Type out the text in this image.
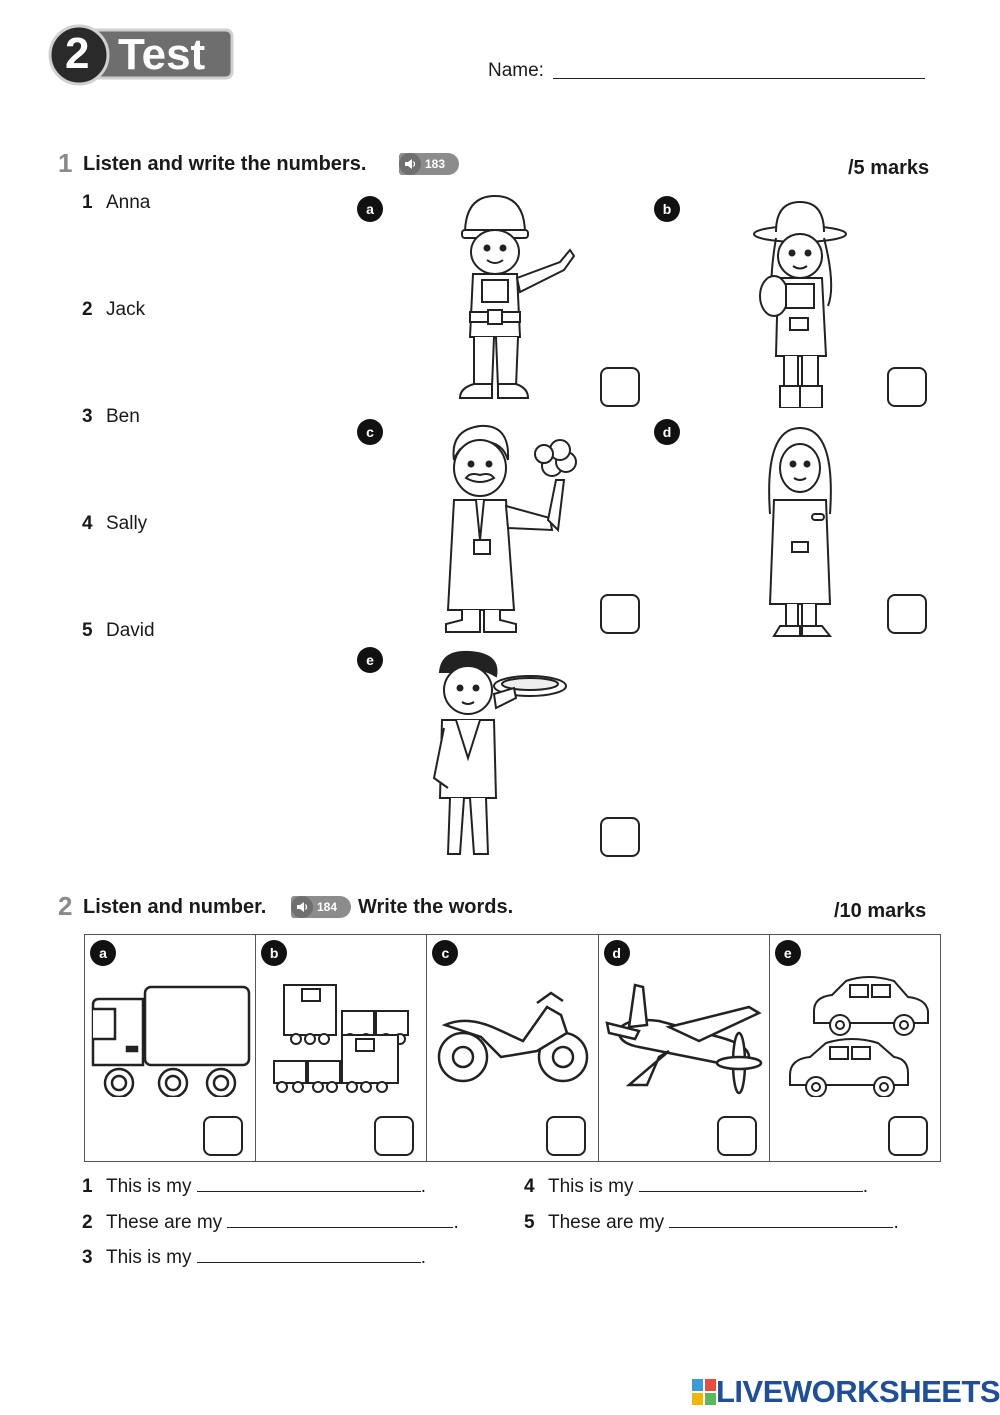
2 Test	Name:
1 Listen and write the numbers.	183	/5 marks
1 Anna
2 Jack
3 Ben
4 Sally
5 David
a	b
c	d
e
2 Listen and number.	184 Write the words.	/10 marks
a	b	c	d	e
1 This is my	.
2 These are my	.
3 This is my	.
4 This is my	.
5 These are my	.
LIVEWORKSHEETS
